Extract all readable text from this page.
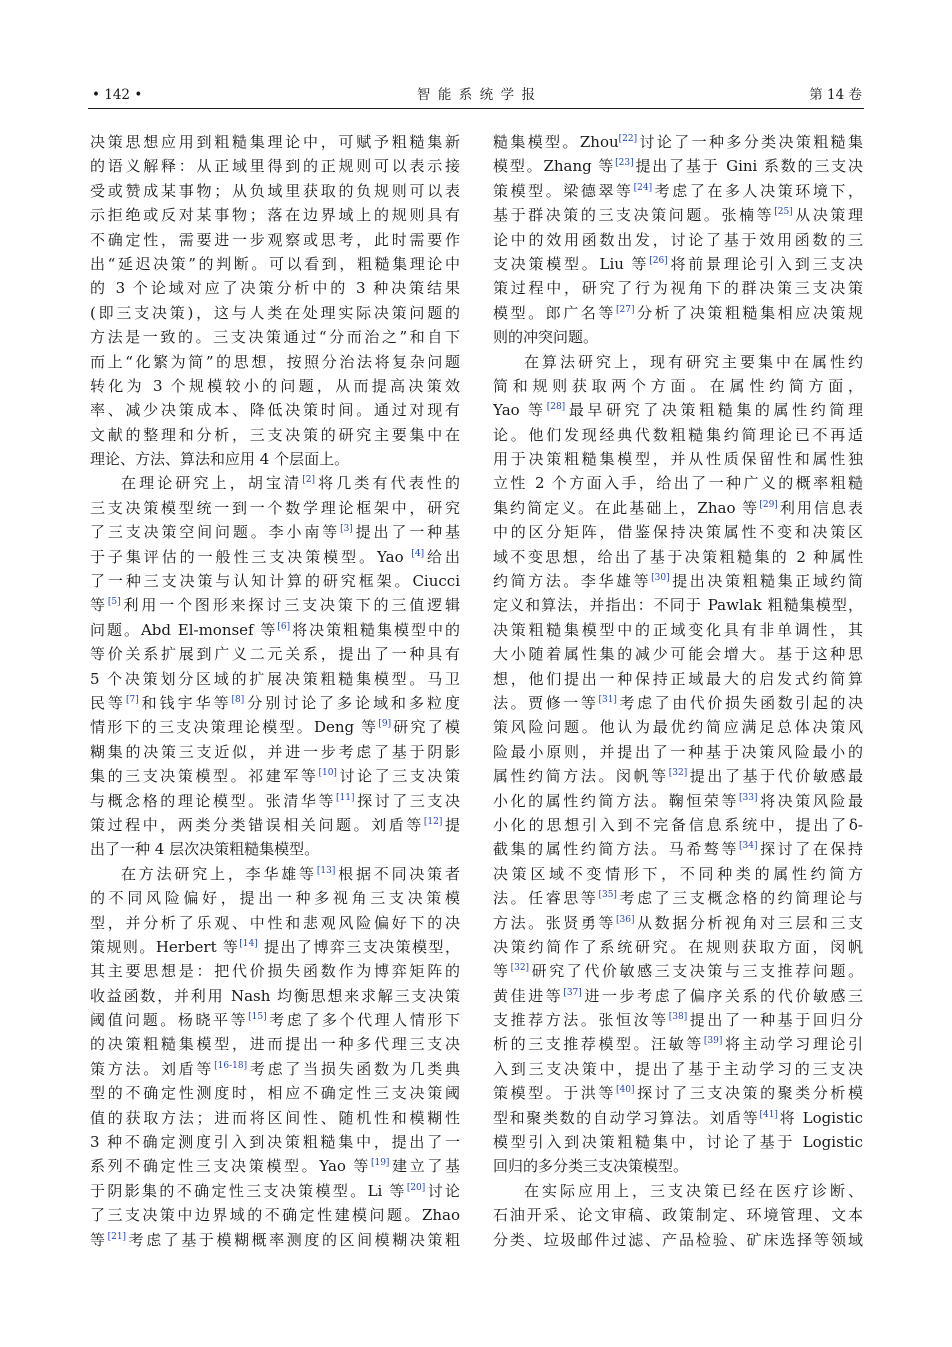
• 142 •	智能系统学报	第 14 卷
决策思想应用到粗糙集理论中，可赋予粗糙集新
的语义解释：从正域里得到的正规则可以表示接
受或赞成某事物；从负域里获取的负规则可以表
示拒绝或反对某事物；落在边界域上的规则具有
不确定性，需要进一步观察或思考，此时需要作
出“延迟决策”的判断。可以看到，粗糙集理论中
的 3 个论域对应了决策分析中的 3 种决策结果
(即三支决策)，这与人类在处理实际决策问题的
方法是一致的。三支决策通过“分而治之”和自下
而上“化繁为简”的思想，按照分治法将复杂问题
转化为 3 个规模较小的问题，从而提高决策效
率、减少决策成本、降低决策时间。通过对现有
文献的整理和分析，三支决策的研究主要集中在
理论、方法、算法和应用 4 个层面上。
在理论研究上，胡宝清[2]将几类有代表性的
三支决策模型统一到一个数学理论框架中，研究
了三支决策空间问题。李小南等[3]提出了一种基
于子集评估的一般性三支决策模型。Yao [4]给出
了一种三支决策与认知计算的研究框架。Ciucci
等[5]利用一个图形来探讨三支决策下的三值逻辑
问题。Abd El-monsef 等[6]将决策粗糙集模型中的
等价关系扩展到广义二元关系，提出了一种具有
5 个决策划分区域的扩展决策粗糙集模型。马卫
民等[7]和钱宇华等[8]分别讨论了多论域和多粒度
情形下的三支决策理论模型。Deng 等[9]研究了模
糊集的决策三支近似，并进一步考虑了基于阴影
集的三支决策模型。祁建军等[10]讨论了三支决策
与概念格的理论模型。张清华等[11]探讨了三支决
策过程中，两类分类错误相关问题。刘盾等[12]提
出了一种 4 层次决策粗糙集模型。
在方法研究上，李华雄等[13]根据不同决策者
的不同风险偏好，提出一种多视角三支决策模
型，并分析了乐观、中性和悲观风险偏好下的决
策规则。Herbert 等[14] 提出了博弈三支决策模型，
其主要思想是：把代价损失函数作为博弈矩阵的
收益函数，并利用 Nash 均衡思想来求解三支决策
阈值问题。杨晓平等[15]考虑了多个代理人情形下
的决策粗糙集模型，进而提出一种多代理三支决
策方法。刘盾等[16-18]考虑了当损失函数为几类典
型的不确定性测度时，相应不确定性三支决策阈
值的获取方法；进而将区间性、随机性和模糊性
3 种不确定测度引入到决策粗糙集中，提出了一
系列不确定性三支决策模型。Yao 等[19]建立了基
于阴影集的不确定性三支决策模型。Li 等[20]讨论
了三支决策中边界域的不确定性建模问题。Zhao
等[21]考虑了基于模糊概率测度的区间模糊决策粗
糙集模型。Zhou[22]讨论了一种多分类决策粗糙集
模型。Zhang 等[23]提出了基于 Gini 系数的三支决
策模型。梁德翠等[24]考虑了在多人决策环境下，
基于群决策的三支决策问题。张楠等[25]从决策理
论中的效用函数出发，讨论了基于效用函数的三
支决策模型。Liu 等[26]将前景理论引入到三支决
策过程中，研究了行为视角下的群决策三支决策
模型。郎广名等[27]分析了决策粗糙集相应决策规
则的冲突问题。
在算法研究上，现有研究主要集中在属性约
简和规则获取两个方面。在属性约简方面，
Yao 等[28]最早研究了决策粗糙集的属性约简理
论。他们发现经典代数粗糙集约简理论已不再适
用于决策粗糙集模型，并从性质保留性和属性独
立性 2 个方面入手，给出了一种广义的概率粗糙
集约简定义。在此基础上，Zhao 等[29]利用信息表
中的区分矩阵，借鉴保持决策属性不变和决策区
域不变思想，给出了基于决策粗糙集的 2 种属性
约简方法。李华雄等[30]提出决策粗糙集正域约简
定义和算法，并指出：不同于 Pawlak 粗糙集模型，
决策粗糙集模型中的正域变化具有非单调性，其
大小随着属性集的减少可能会增大。基于这种思
想，他们提出一种保持正域最大的启发式约简算
法。贾修一等[31]考虑了由代价损失函数引起的决
策风险问题。他认为最优约简应满足总体决策风
险最小原则，并提出了一种基于决策风险最小的
属性约简方法。闵帆等[32]提出了基于代价敏感最
小化的属性约简方法。鞠恒荣等[33]将决策风险最
小化的思想引入到不完备信息系统中，提出了δ-
截集的属性约简方法。马希骜等[34]探讨了在保持
决策区域不变情形下，不同种类的属性约简方
法。任睿思等[35]考虑了三支概念格的约简理论与
方法。张贤勇等[36]从数据分析视角对三层和三支
决策约简作了系统研究。在规则获取方面，闵帆
等[32]研究了代价敏感三支决策与三支推荐问题。
黄佳进等[37]进一步考虑了偏序关系的代价敏感三
支推荐方法。张恒汝等[38]提出了一种基于回归分
析的三支推荐模型。汪敏等[39]将主动学习理论引
入到三支决策中，提出了基于主动学习的三支决
策模型。于洪等[40]探讨了三支决策的聚类分析模
型和聚类数的自动学习算法。刘盾等[41]将 Logistic
模型引入到决策粗糙集中，讨论了基于 Logistic
回归的多分类三支决策模型。
在实际应用上，三支决策已经在医疗诊断、
石油开采、论文审稿、政策制定、环境管理、文本
分类、垃圾邮件过滤、产品检验、矿床选择等领域
